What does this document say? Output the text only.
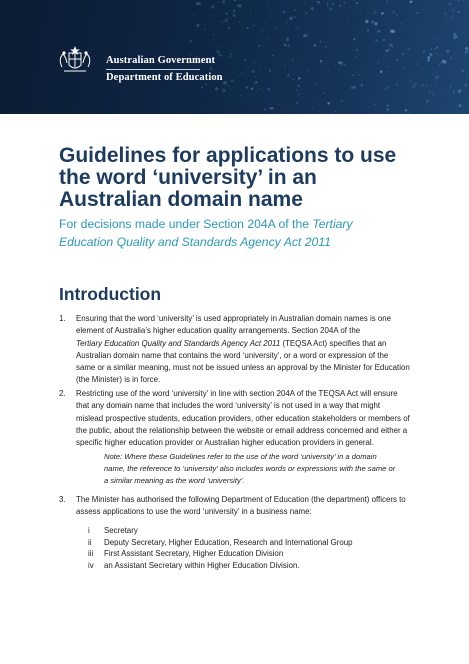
Australian Government
Department of Education
Guidelines for applications to use
the word ‘university’ in an
Australian domain name
For decisions made under Section 204A of the Tertiary
Education Quality and Standards Agency Act 2011
Introduction
1. Ensuring that the word ‘university’ is used appropriately in Australian domain names is one
element of Australia’s higher education quality arrangements. Section 204A of the
Tertiary Education Quality and Standards Agency Act 2011 (TEQSA Act) specifies that an
Australian domain name that contains the word ‘university’, or a word or expression of the
same or a similar meaning, must not be issued unless an approval by the Minister for Education
(the Minister) is in force.
2. Restricting use of the word ‘university’ in line with section 204A of the TEQSA Act will ensure
that any domain name that includes the word ‘university’ is not used in a way that might
mislead prospective students, education providers, other education stakeholders or members of
the public, about the relationship between the website or email address concerned and either a
specific higher education provider or Australian higher education providers in general.
Note: Where these Guidelines refer to the use of the word ‘university’ in a domain
name, the reference to ‘university’ also includes words or expressions with the same or
a similar meaning as the word ‘university’.
3. The Minister has authorised the following Department of Education (the department) officers to
assess applications to use the word ‘university’ in a business name:
i Secretary
ii Deputy Secretary, Higher Education, Research and International Group
iii First Assistant Secretary, Higher Education Division
iv an Assistant Secretary within Higher Education Division.
